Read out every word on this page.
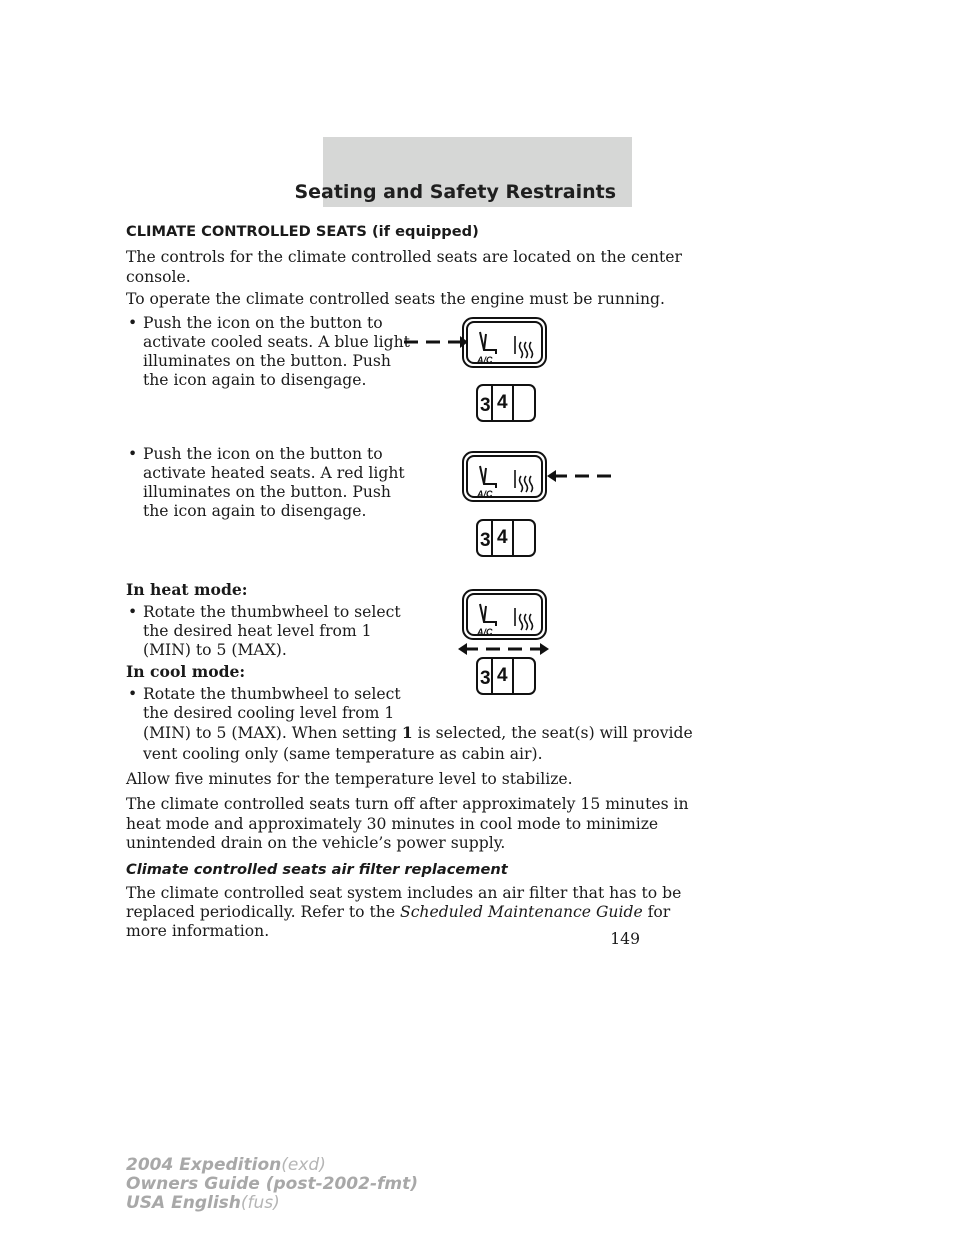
Seating and Safety Restraints

CLIMATE CONTROLLED SEATS (if equipped)

The controls for the climate controlled seats are located on the center

console.

To operate the climate controlled seats the engine must be running.

• Push the icon on the button to

activate cooled seats. A blue light

illuminates on the button. Push

the icon again to disengage.

• Push the icon on the button to

activate heated seats. A red light

illuminates on the button. Push

the icon again to disengage.

In heat mode:

• Rotate the thumbwheel to select

the desired heat level from 1

(MIN) to 5 (MAX).

In cool mode:

• Rotate the thumbwheel to select

the desired cooling level from 1

(MIN) to 5 (MAX). When setting 1 is selected, the seat(s) will provide

vent cooling only (same temperature as cabin air).

Allow five minutes for the temperature level to stabilize.

The climate controlled seats turn off after approximately 15 minutes in

heat mode and approximately 30 minutes in cool mode to minimize

unintended drain on the vehicle’s power supply.

Climate controlled seats air filter replacement

The climate controlled seat system includes an air filter that has to be

replaced periodically. Refer to the Scheduled Maintenance Guide for

more information.	149

2004 Expedition(exd)

Owners Guide (post-2002-fmt)

USA English(fus)

A/C
3 4
A/C
3 4
A/C
3 4
